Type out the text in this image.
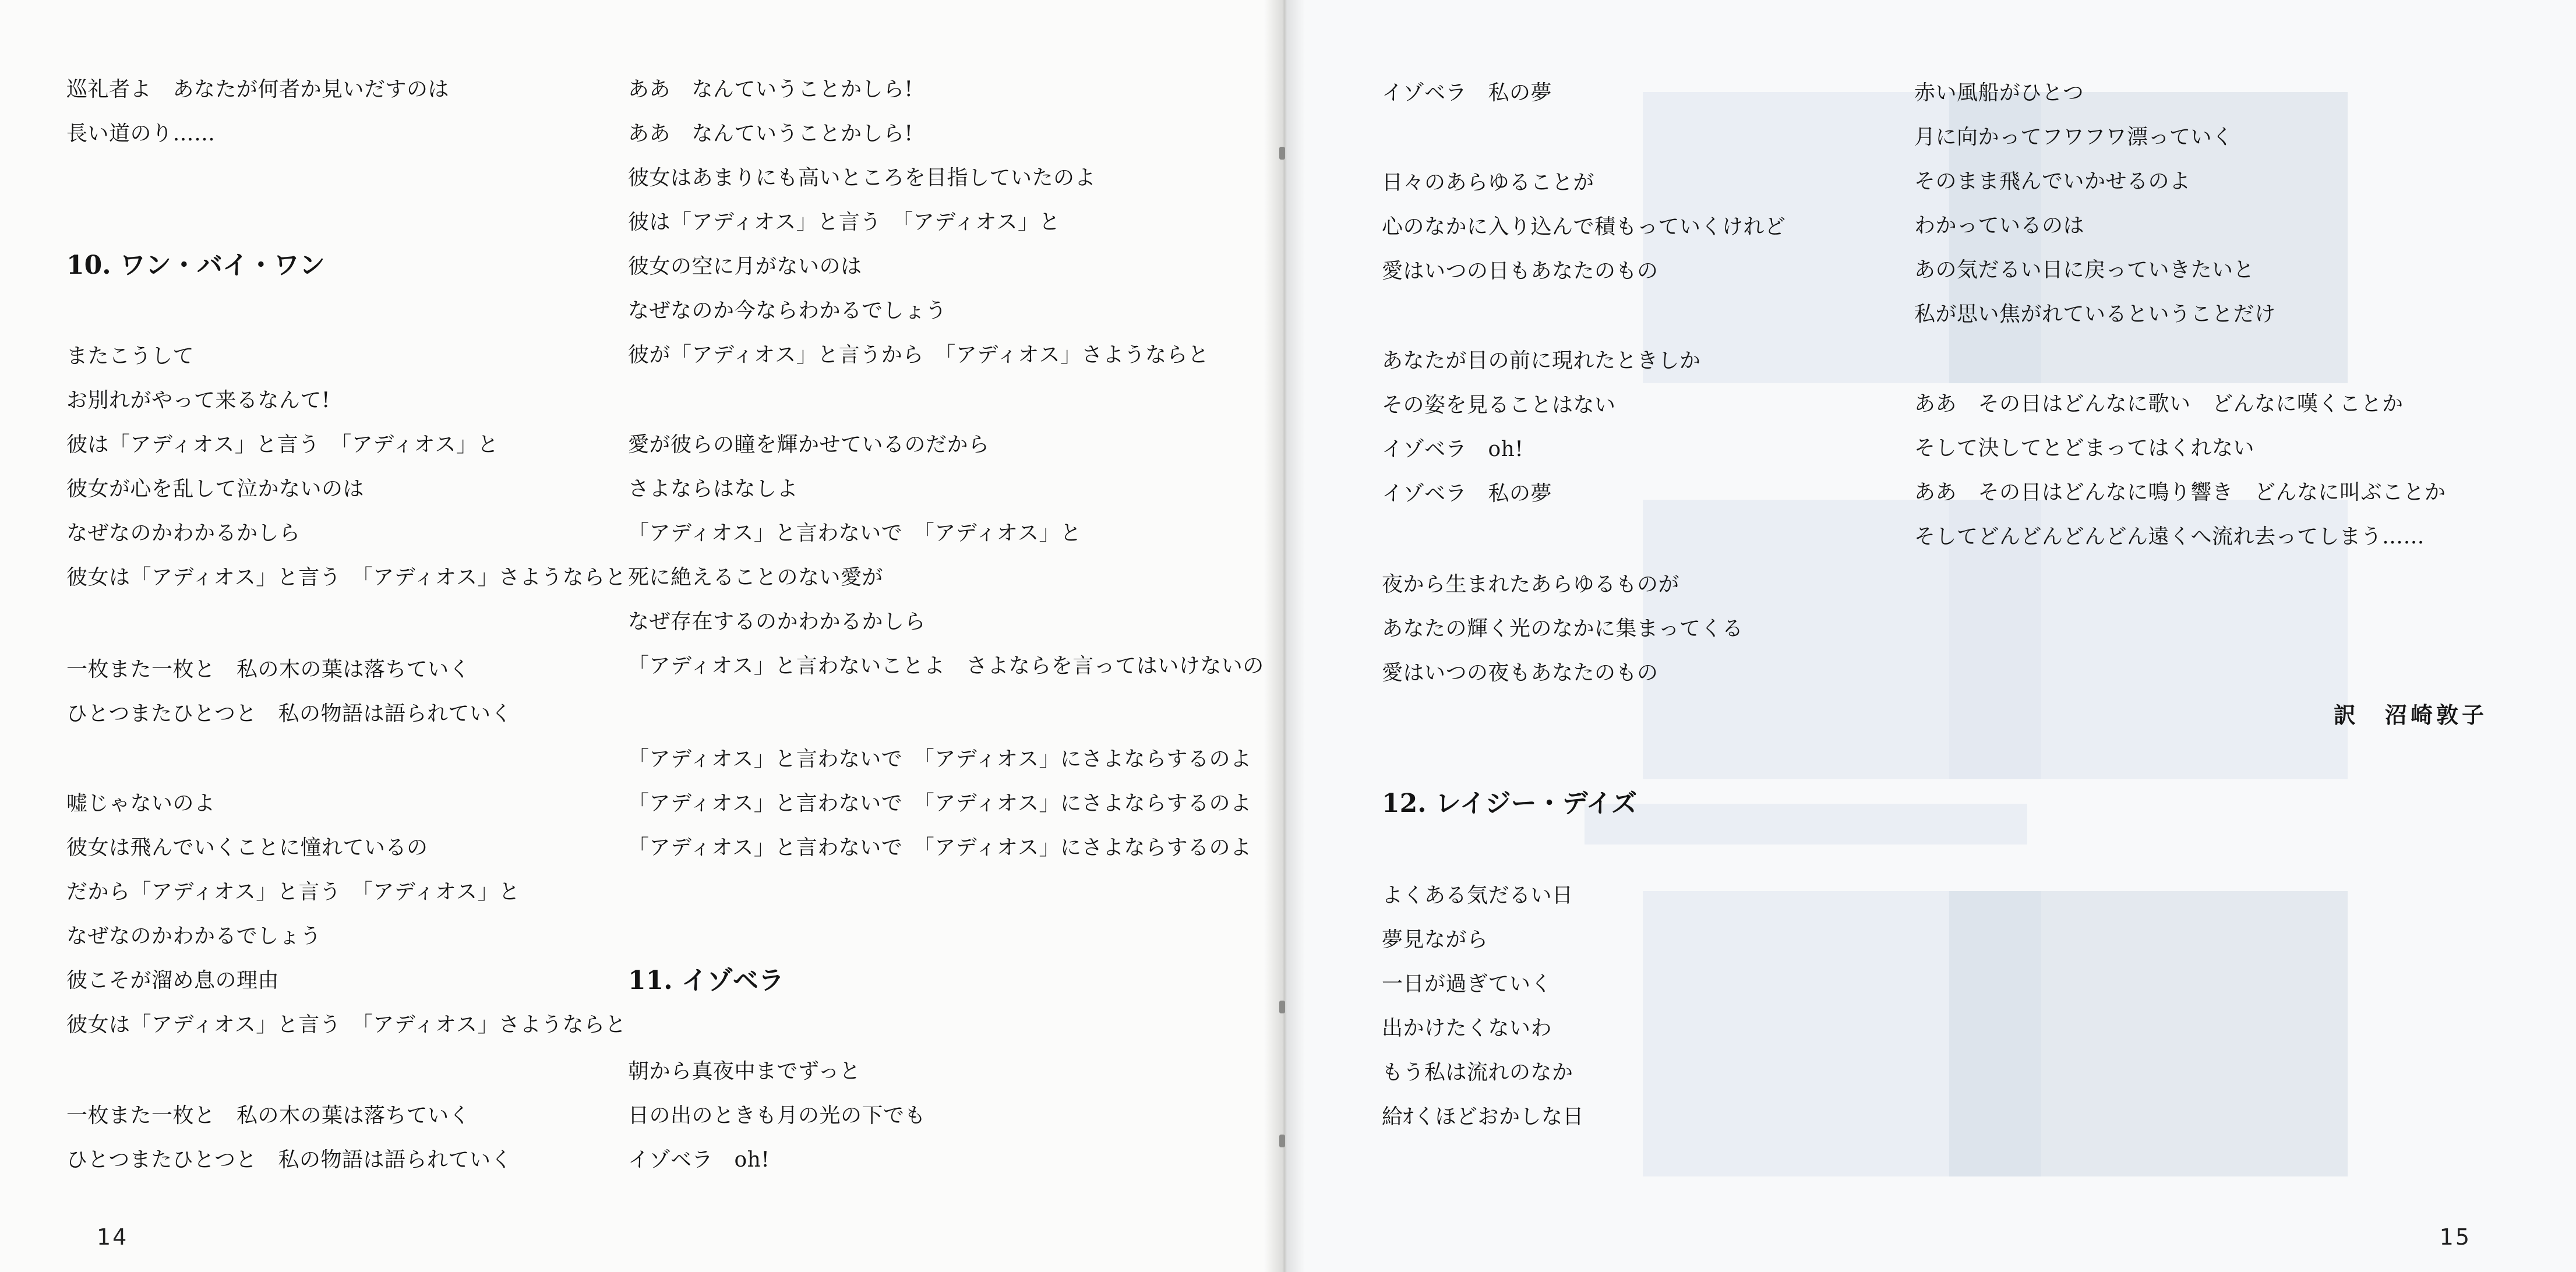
巡礼者よ　あなたが何者か見いだすのは
長い道のり……
10. ワン・バイ・ワン
またこうして
お別れがやって来るなんて!
彼は「アディオス」と言う　「アディオス」と
彼女が心を乱して泣かないのは
なぜなのかわかるかしら
彼女は「アディオス」と言う　「アディオス」さようならと
一枚また一枚と　私の木の葉は落ちていく
ひとつまたひとつと　私の物語は語られていく
嘘じゃないのよ
彼女は飛んでいくことに憧れているの
だから「アディオス」と言う　「アディオス」と
なぜなのかわかるでしょう
彼こそが溜め息の理由
彼女は「アディオス」と言う　「アディオス」さようならと
一枚また一枚と　私の木の葉は落ちていく
ひとつまたひとつと　私の物語は語られていく
ああ　なんていうことかしら!
ああ　なんていうことかしら!
彼女はあまりにも高いところを目指していたのよ
彼は「アディオス」と言う　「アディオス」と
彼女の空に月がないのは
なぜなのか今ならわかるでしょう
彼が「アディオス」と言うから　「アディオス」さようならと
愛が彼らの瞳を輝かせているのだから
さよならはなしよ
「アディオス」と言わないで　「アディオス」と
死に絶えることのない愛が
なぜ存在するのかわかるかしら
「アディオス」と言わないことよ　さよならを言ってはいけないの
「アディオス」と言わないで　「アディオス」にさよならするのよ
「アディオス」と言わないで　「アディオス」にさよならするのよ
「アディオス」と言わないで　「アディオス」にさよならするのよ
11. イゾベラ
朝から真夜中までずっと
日の出のときも月の光の下でも
イゾベラ　oh!
14
イゾベラ　私の夢
日々のあらゆることが
心のなかに入り込んで積もっていくけれど
愛はいつの日もあなたのもの
あなたが目の前に現れたときしか
その姿を見ることはない
イゾベラ　oh!
イゾベラ　私の夢
夜から生まれたあらゆるものが
あなたの輝く光のなかに集まってくる
愛はいつの夜もあなたのもの
12. レイジー・デイズ
よくある気だるい日
夢見ながら
一日が過ぎていく
出かけたくないわ
もう私は流れのなか
給ｵくほどおかしな日
赤い風船がひとつ
月に向かってフワフワ漂っていく
そのまま飛んでいかせるのよ
わかっているのは
あの気だるい日に戻っていきたいと
私が思い焦がれているということだけ
ああ　その日はどんなに歌い　どんなに嘆くことか
そして決してとどまってはくれない
ああ　その日はどんなに鳴り響き　どんなに叫ぶことか
そしてどんどんどんどん遠くへ流れ去ってしまう……
訳　沼崎敦子
15
